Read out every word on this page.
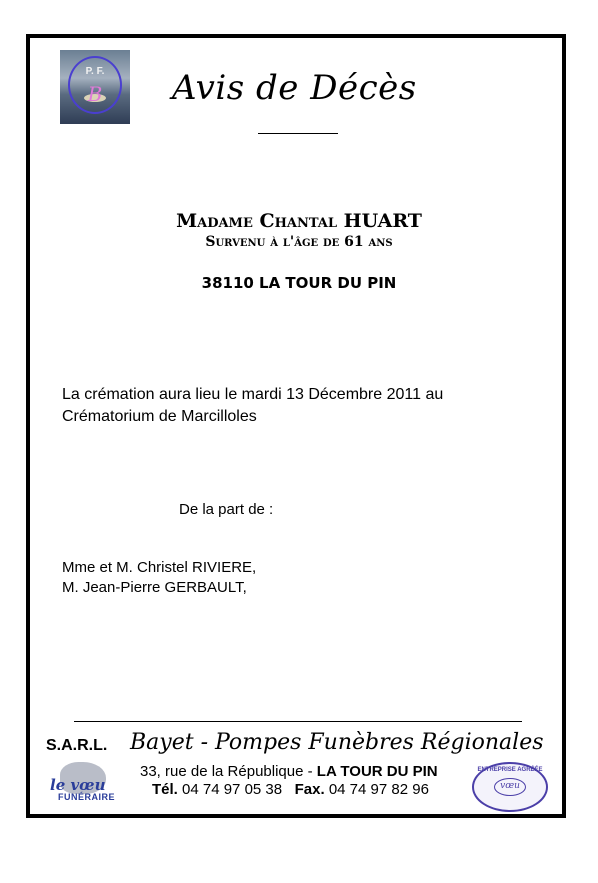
P. F.
B	Avis de Décès
Madame Chantal HUART
Survenu à l'âge de 61 ans
38110 LA TOUR DU PIN
La crémation aura lieu le mardi 13 Décembre 2011 au Crématorium de Marcilloles
De la part de :
Mme et M. Christel RIVIERE,
M. Jean-Pierre GERBAULT,
S.A.R.L. Bayet - Pompes Funèbres Régionales
33, rue de la République - LA TOUR DU PIN
Tél. 04 74 97 05 38 Fax. 04 74 97 82 96
le vœu
FUNÉRAIRE
ENTREPRISE AGRÉÉE
vœu
